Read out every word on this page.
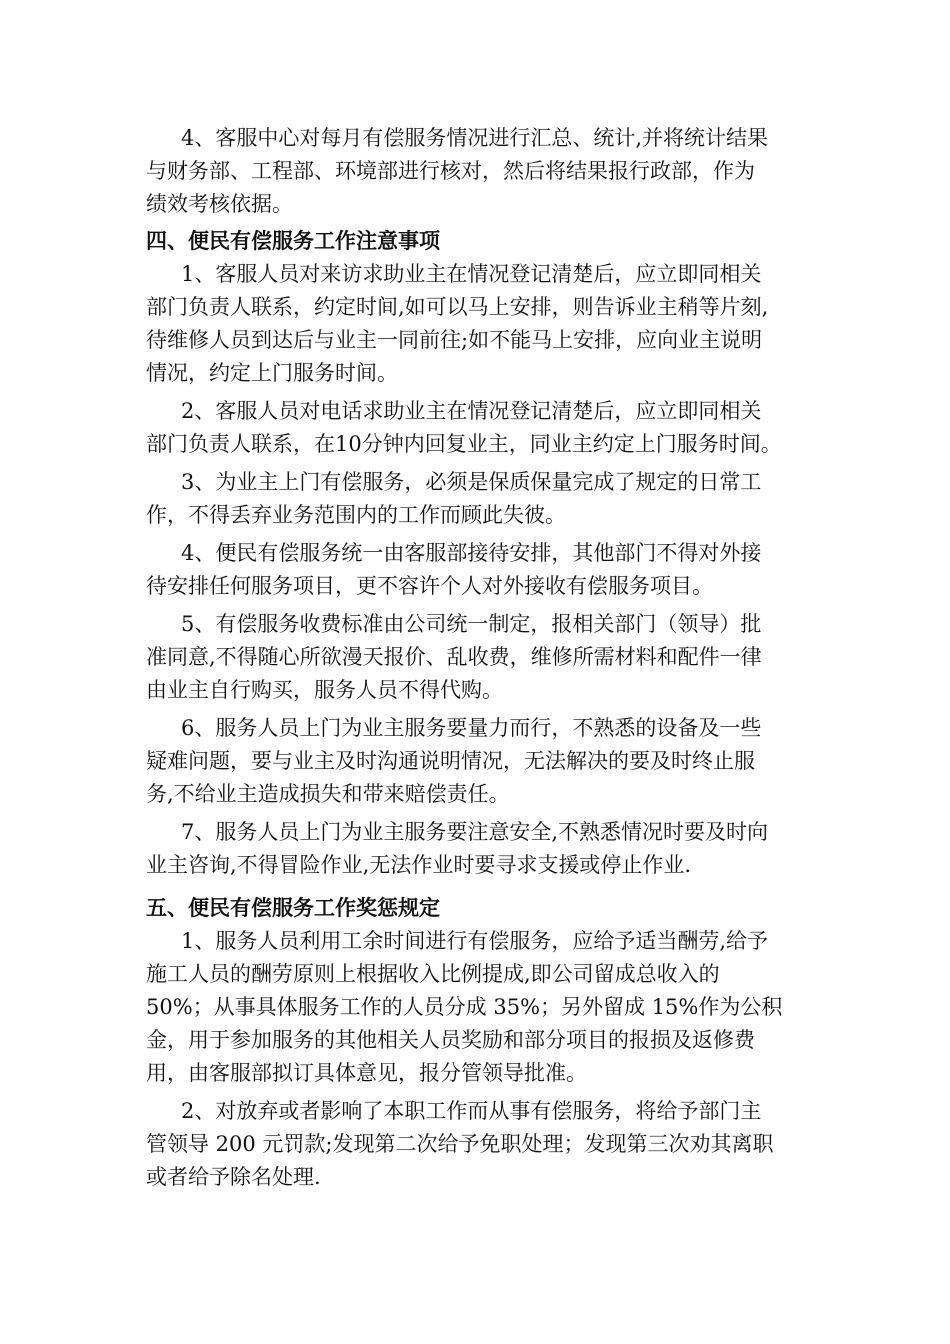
4、客服中心对每月有偿服务情况进行汇总、统计,并将统计结果
与财务部、工程部、环境部进行核对，然后将结果报行政部，作为
绩效考核依据。
四、便民有偿服务工作注意事项
1、客服人员对来访求助业主在情况登记清楚后，应立即同相关
部门负责人联系，约定时间,如可以马上安排，则告诉业主稍等片刻,
待维修人员到达后与业主一同前往;如不能马上安排，应向业主说明
情况，约定上门服务时间。
2、客服人员对电话求助业主在情况登记清楚后，应立即同相关
部门负责人联系，在10分钟内回复业主，同业主约定上门服务时间。
3、为业主上门有偿服务，必须是保质保量完成了规定的日常工
作，不得丢弃业务范围内的工作而顾此失彼。
4、便民有偿服务统一由客服部接待安排，其他部门不得对外接
待安排任何服务项目，更不容许个人对外接收有偿服务项目。
5、有偿服务收费标准由公司统一制定，报相关部门（领导）批
准同意,不得随心所欲漫天报价、乱收费，维修所需材料和配件一律
由业主自行购买，服务人员不得代购。
6、服务人员上门为业主服务要量力而行，不熟悉的设备及一些
疑难问题，要与业主及时沟通说明情况，无法解决的要及时终止服
务,不给业主造成损失和带来赔偿责任。
7、服务人员上门为业主服务要注意安全,不熟悉情况时要及时向
业主咨询,不得冒险作业,无法作业时要寻求支援或停止作业.
五、便民有偿服务工作奖惩规定
1、服务人员利用工余时间进行有偿服务，应给予适当酬劳,给予
施工人员的酬劳原则上根据收入比例提成,即公司留成总收入的
50%；从事具体服务工作的人员分成 35%；另外留成 15%作为公积
金，用于参加服务的其他相关人员奖励和部分项目的报损及返修费
用，由客服部拟订具体意见，报分管领导批准。
2、对放弃或者影响了本职工作而从事有偿服务，将给予部门主
管领导 200 元罚款;发现第二次给予免职处理；发现第三次劝其离职
或者给予除名处理.
